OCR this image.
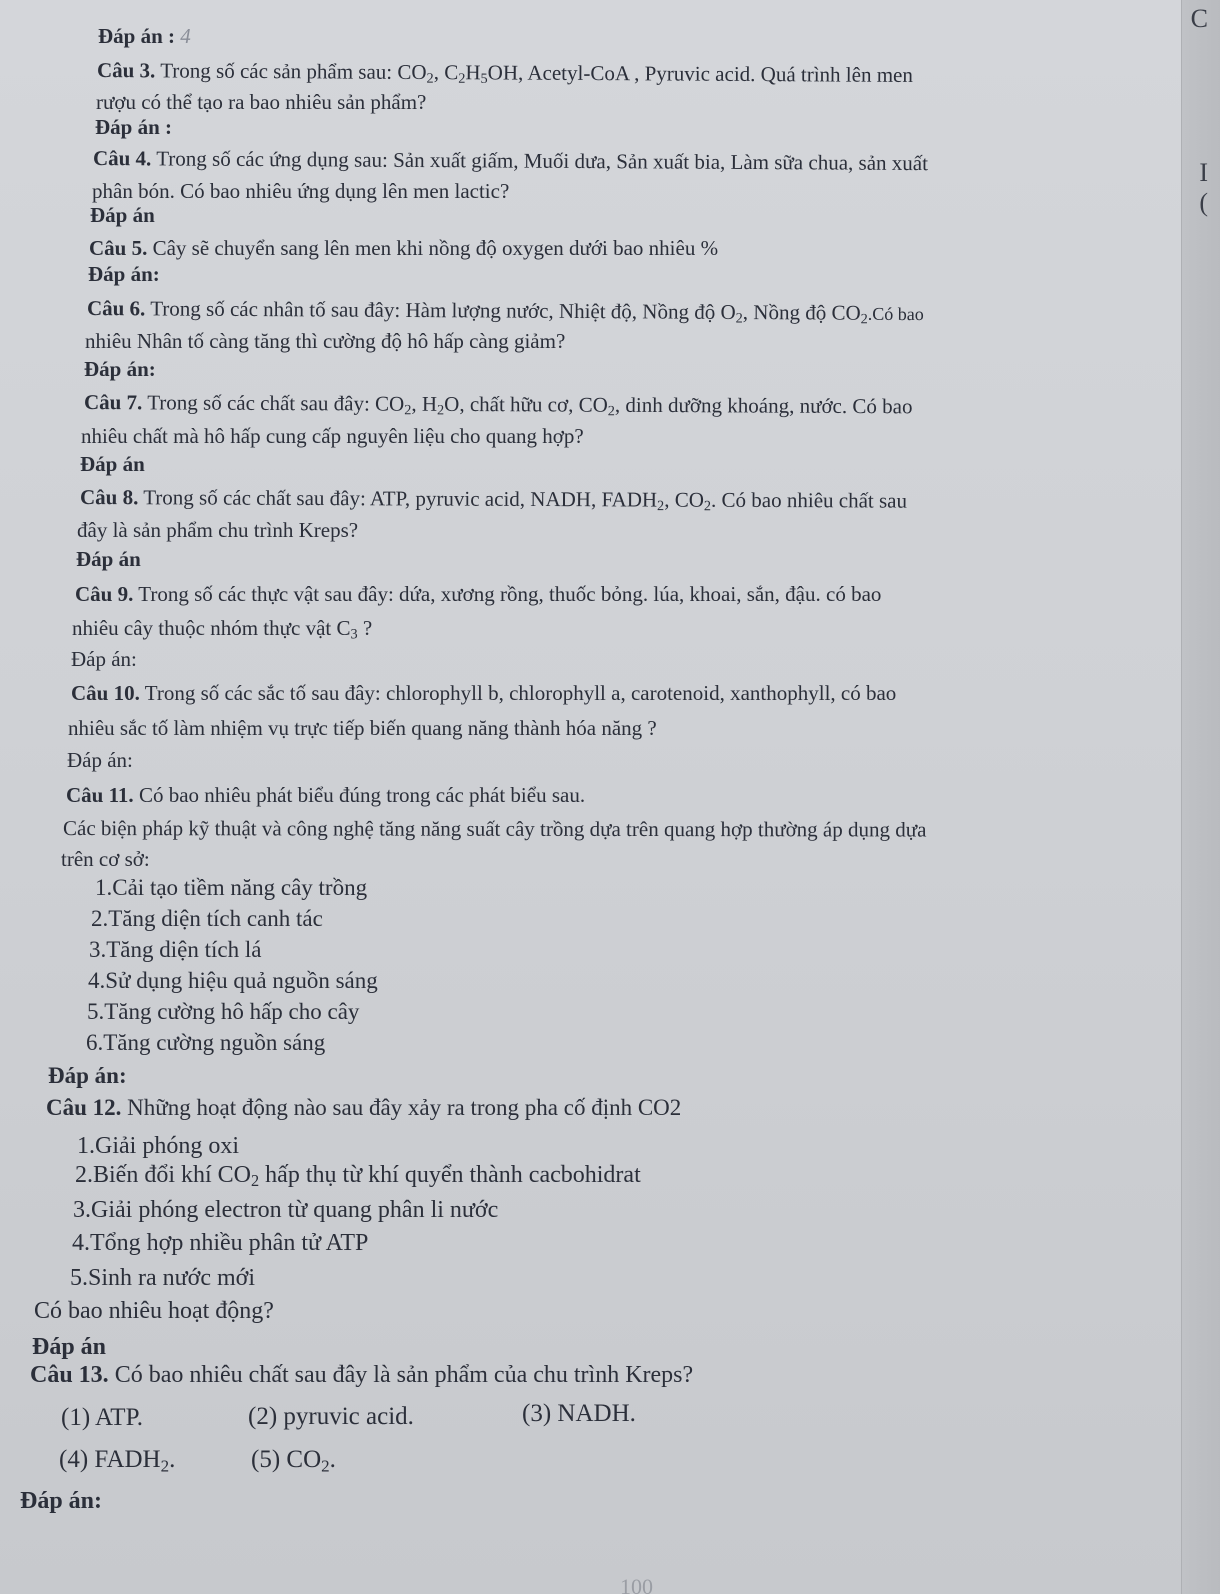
C
I
(
Đáp án : 4
Câu 3. Trong số các sản phẩm sau: $CO_2$, $C_2H_5OH$, Acetyl-CoA , Pyruvic acid. Quá trình lên men
rượu có thể tạo ra bao nhiêu sản phẩm?
Đáp án :
Câu 4. Trong số các ứng dụng sau: Sản xuất giấm, Muối dưa, Sản xuất bia, Làm sữa chua, sản xuất
phân bón. Có bao nhiêu ứng dụng lên men lactic?
Đáp án
Câu 5. Cây sẽ chuyển sang lên men khi nồng độ oxygen dưới bao nhiêu %
Đáp án:
Câu 6. Trong số các nhân tố sau đây: Hàm lượng nước, Nhiệt độ, Nồng độ $O_2$, Nồng độ $CO_2.Có$ bao
nhiêu Nhân tố càng tăng thì cường độ hô hấp càng giảm?
Đáp án:
Câu 7. Trong số các chất sau đây: $CO_2$, $H_2O$, chất hữu cơ, $CO_2$, dinh dưỡng khoáng, nước. Có bao
nhiêu chất mà hô hấp cung cấp nguyên liệu cho quang hợp?
Đáp án
Câu 8. Trong số các chất sau đây: ATP, pyruvic acid, NADH, $FADH_2$, $CO_2$. Có bao nhiêu chất sau
đây là sản phẩm chu trình Kreps?
Đáp án
Câu 9. Trong số các thực vật sau đây: dứa, xương rồng, thuốc bỏng. lúa, khoai, sắn, đậu. có bao
nhiêu cây thuộc nhóm thực vật $C_3$ ?
Đáp án:
Câu 10. Trong số các sắc tố sau đây: chlorophyll b, chlorophyll a, carotenoid, xanthophyll, có bao
nhiêu sắc tố làm nhiệm vụ trực tiếp biến quang năng thành hóa năng ?
Đáp án:
Câu 11. Có bao nhiêu phát biểu đúng trong các phát biểu sau.
Các biện pháp kỹ thuật và công nghệ tăng năng suất cây trồng dựa trên quang hợp thường áp dụng dựa
trên cơ sở:
1.Cải tạo tiềm năng cây trồng
2.Tăng diện tích canh tác
3.Tăng diện tích lá
4.Sử dụng hiệu quả nguồn sáng
5.Tăng cường hô hấp cho cây
6.Tăng cường nguồn sáng
Đáp án:
Câu 12. Những hoạt động nào sau đây xảy ra trong pha cố định CO2
1.Giải phóng oxi
2.Biến đổi khí $CO_2$ hấp thụ từ khí quyển thành cacbohidrat
3.Giải phóng electron từ quang phân li nước
4.Tổng hợp nhiều phân tử ATP
5.Sinh ra nước mới
Có bao nhiêu hoạt động?
Đáp án
Câu 13. Có bao nhiêu chất sau đây là sản phẩm của chu trình Kreps?
(1) ATP.	(2) pyruvic acid.	(3) NADH.
(4) $FADH_2$.	(5) $CO_2$.
Đáp án:
100
